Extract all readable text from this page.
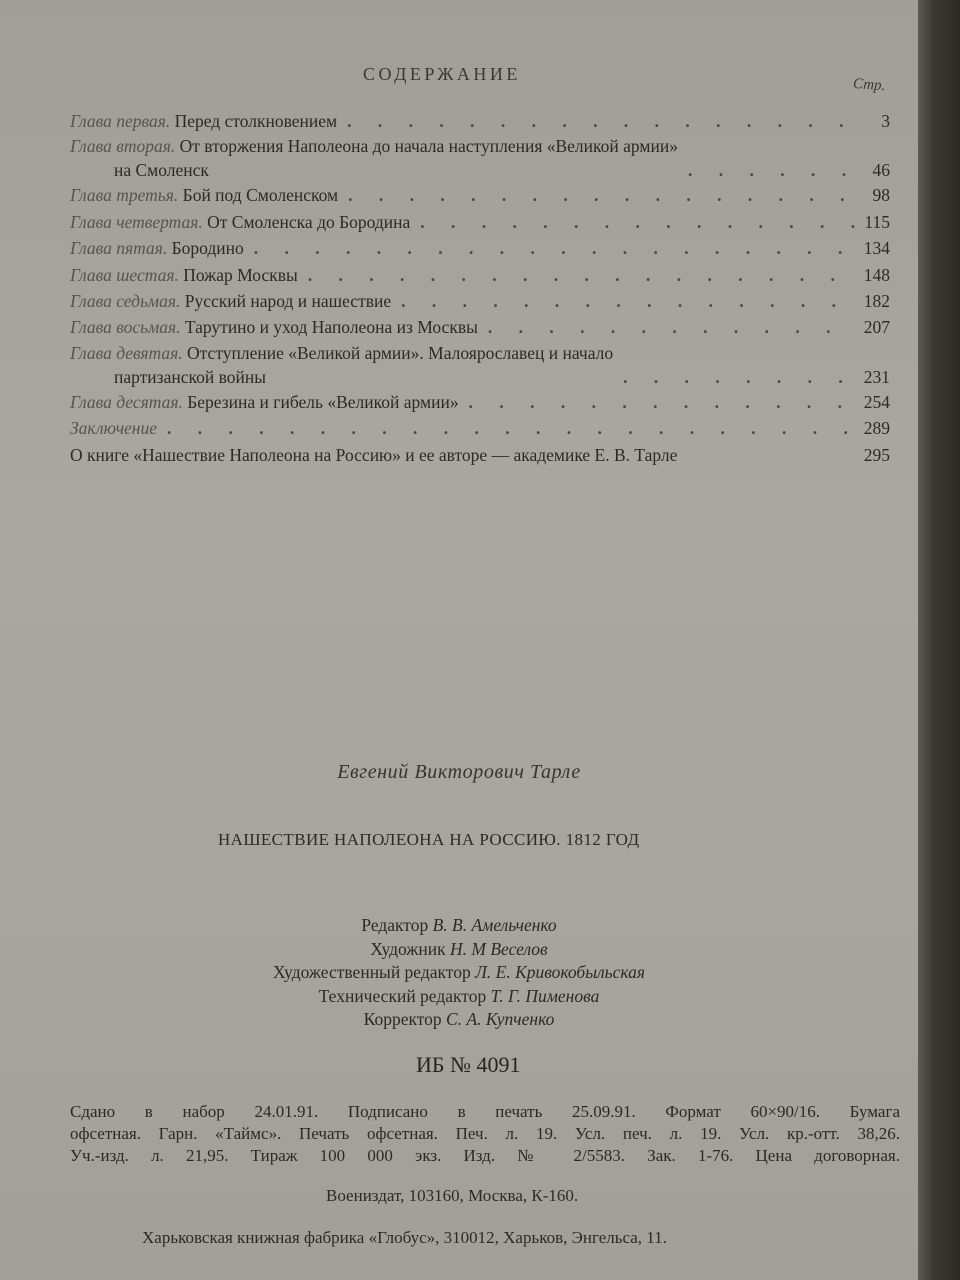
СОДЕРЖАНИЕ
Стр.
Глава первая. Перед столкновением . . .	3
Глава вторая. От вторжения Наполеона до начала наступления «Великой армии»
на Смоленск . . .	46
Глава третья. Бой под Смоленском . . .	98
Глава четвертая. От Смоленска до Бородина . . .	115
Глава пятая. Бородино . . .	134
Глава шестая. Пожар Москвы . . .	148
Глава седьмая. Русский народ и нашествие . . .	182
Глава восьмая. Тарутино и уход Наполеона из Москвы . . .	207
Глава девятая. Отступление «Великой армии». Малоярославец и начало
партизанской войны . . .	231
Глава десятая. Березина и гибель «Великой армии» . . .	254
Заключение . . .	289
О книге «Нашествие Наполеона на Россию» и ее авторе — академике Е. В. Тарле	295
Евгений Викторович Тарле
НАШЕСТВИЕ НАПОЛЕОНА НА РОССИЮ. 1812 ГОД
Редактор В. В. Амельченко
Художник Н. М Веселов
Художественный редактор Л. Е. Кривокобыльская
Технический редактор Т. Г. Пименова
Корректор С. А. Купченко
ИБ № 4091
Сдано в набор 24.01.91. Подписано в печать 25.09.91. Формат 60×90/16. Бумага
офсетная. Гарн. «Таймс». Печать офсетная. Печ. л. 19. Усл. печ. л. 19. Усл. кр.-отт. 38,26.
Уч.-изд. л. 21,95. Тираж 100 000 экз. Изд. № 2/5583. Зак. 1-76. Цена договорная.
Воениздат, 103160, Москва, К-160.
Харьковская книжная фабрика «Глобус», 310012, Харьков, Энгельса, 11.
